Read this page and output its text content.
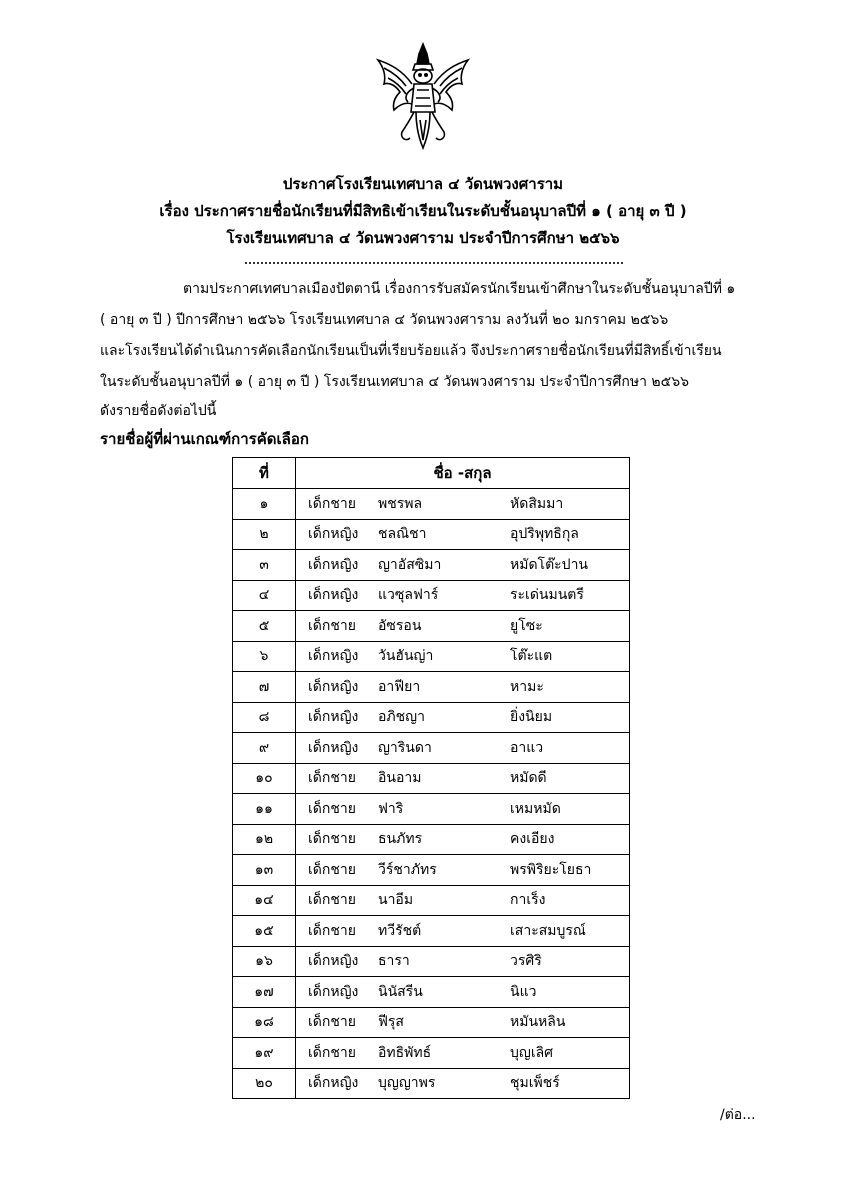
ประกาศโรงเรียนเทศบาล ๔ วัดนพวงศาราม
เรื่อง ประกาศรายชื่อนักเรียนที่มีสิทธิเข้าเรียนในระดับชั้นอนุบาลปีที่ ๑ ( อายุ ๓ ปี )
โรงเรียนเทศบาล ๔ วัดนพวงศาราม ประจำปีการศึกษา ๒๕๖๖
ตามประกาศเทศบาลเมืองปัตตานี เรื่องการรับสมัครนักเรียนเข้าศึกษาในระดับชั้นอนุบาลปีที่ ๑
( อายุ ๓ ปี ) ปีการศึกษา ๒๕๖๖ โรงเรียนเทศบาล ๔ วัดนพวงศาราม ลงวันที่ ๒๐ มกราคม ๒๕๖๖
และโรงเรียนได้ดำเนินการคัดเลือกนักเรียนเป็นที่เรียบร้อยแล้ว จึงประกาศรายชื่อนักเรียนที่มีสิทธิ์เข้าเรียน
ในระดับชั้นอนุบาลปีที่ ๑ ( อายุ ๓ ปี ) โรงเรียนเทศบาล ๔ วัดนพวงศาราม ประจำปีการศึกษา ๒๕๖๖
ดังรายชื่อดังต่อไปนี้
รายชื่อผู้ที่ผ่านเกณฑ์การคัดเลือก
ที่	ชื่อ -สกุล
๑	เด็กชาย พชรพล หัดสิมมา

๒	เด็กหญิง ชลณิชา อุปริพุทธิกุล

๓	เด็กหญิง ญาอัสซิมา หมัดโต๊ะปาน

๔	เด็กหญิง แวซุลฟาร์ ระเด่นมนตรี

๕	เด็กชาย อัซรอน ยูโซะ

๖	เด็กหญิง วันฮันญ่า โต๊ะแต

๗	เด็กหญิง อาฟียา หามะ

๘	เด็กหญิง อภิชญา ยิ่งนิยม

๙	เด็กหญิง ญารินดา อาแว

๑๐	เด็กชาย อินอาม หมัดดี

๑๑	เด็กชาย ฟาริ เหมหมัด

๑๒	เด็กชาย ธนภัทร คงเอียง

๑๓	เด็กชาย วีร์ชาภัทร พรพิริยะโยธา

๑๔	เด็กชาย นาอีม กาเร็ง

๑๕	เด็กชาย ทวีรัชต์ เสาะสมบูรณ์

๑๖	เด็กหญิง ธารา วรศิริ

๑๗	เด็กหญิง นินัสรีน นิแว

๑๘	เด็กชาย ฟีรุส หมันหลิน

๑๙	เด็กชาย อิทธิพัทธ์ บุญเลิศ

๒๐	เด็กหญิง บุญญาพร ชุมเพ็ชร์
/ต่อ...
